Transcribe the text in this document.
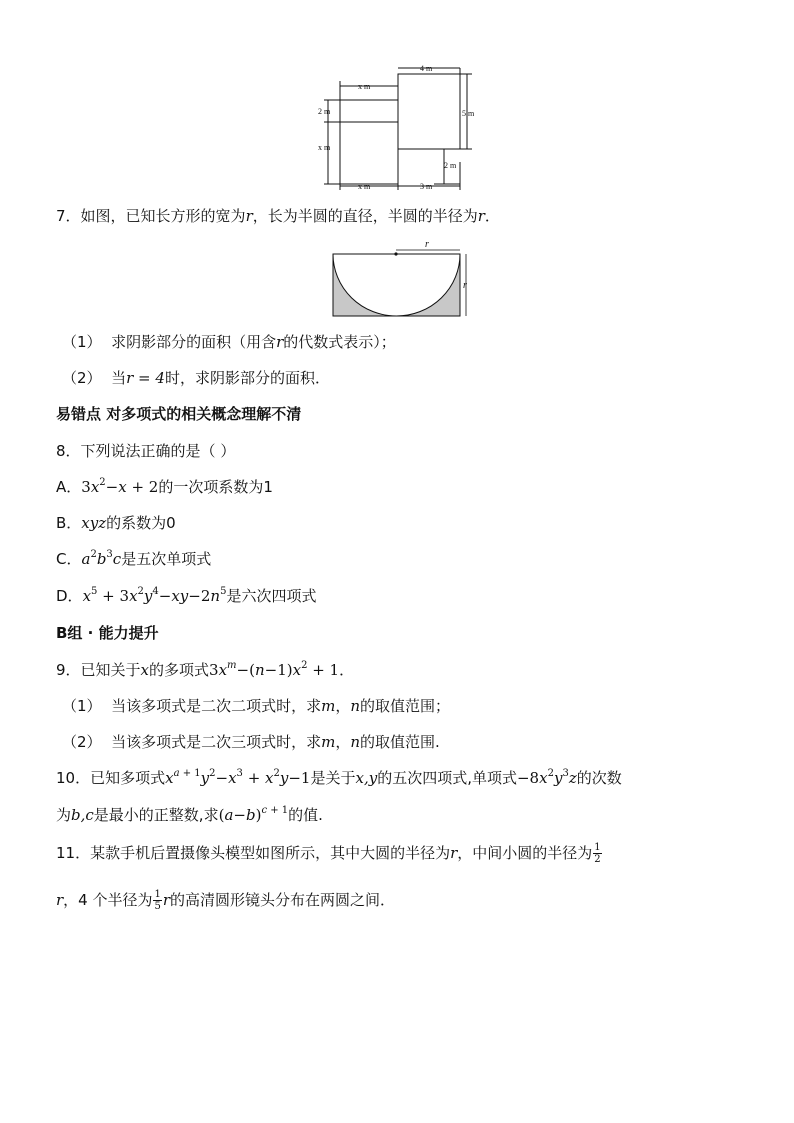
x m
4 m
2 m	5 m
x m
2 m
x m	3 m
7．如图，已知长方形的宽为r，长为半圆的直径，半圆的半径为r．
r
r
（1） 求阴影部分的面积（用含r的代数式表示）；
（2） 当r = 4时，求阴影部分的面积．
易错点 对多项式的相关概念理解不清
8．下列说法正确的是（ ）
A．$3x^2-x + 2$的一次项系数为1
B．xyz的系数为0
C．$a^2b^3c$是五次单项式
D．$x^5 + 3x^2y^4-xy-2n^5$是六次四项式
B组 · 能力提升
9．已知关于x的多项式$3x^m-(n-1)x^2 + 1$．
（1） 当该多项式是二次二项式时，求m，n的取值范围；
（2） 当该多项式是二次三项式时，求m，n的取值范围.
10．已知多项式$x^{a + 1}y^2-x^3 + x^2y-1$是关于x,y的五次四项式,单项式$-8x^2y^3z$的次数
为b,c是最小的正整数,求$(a-b)^{c + 1}$的值.
11．某款手机后置摄像头模型如图所示，其中大圆的半径为r，中间小圆的半径为 $\frac{1}{2}$
r，4 个半径为 $\frac{1}{5}$ r的高清圆形镜头分布在两圆之间．
